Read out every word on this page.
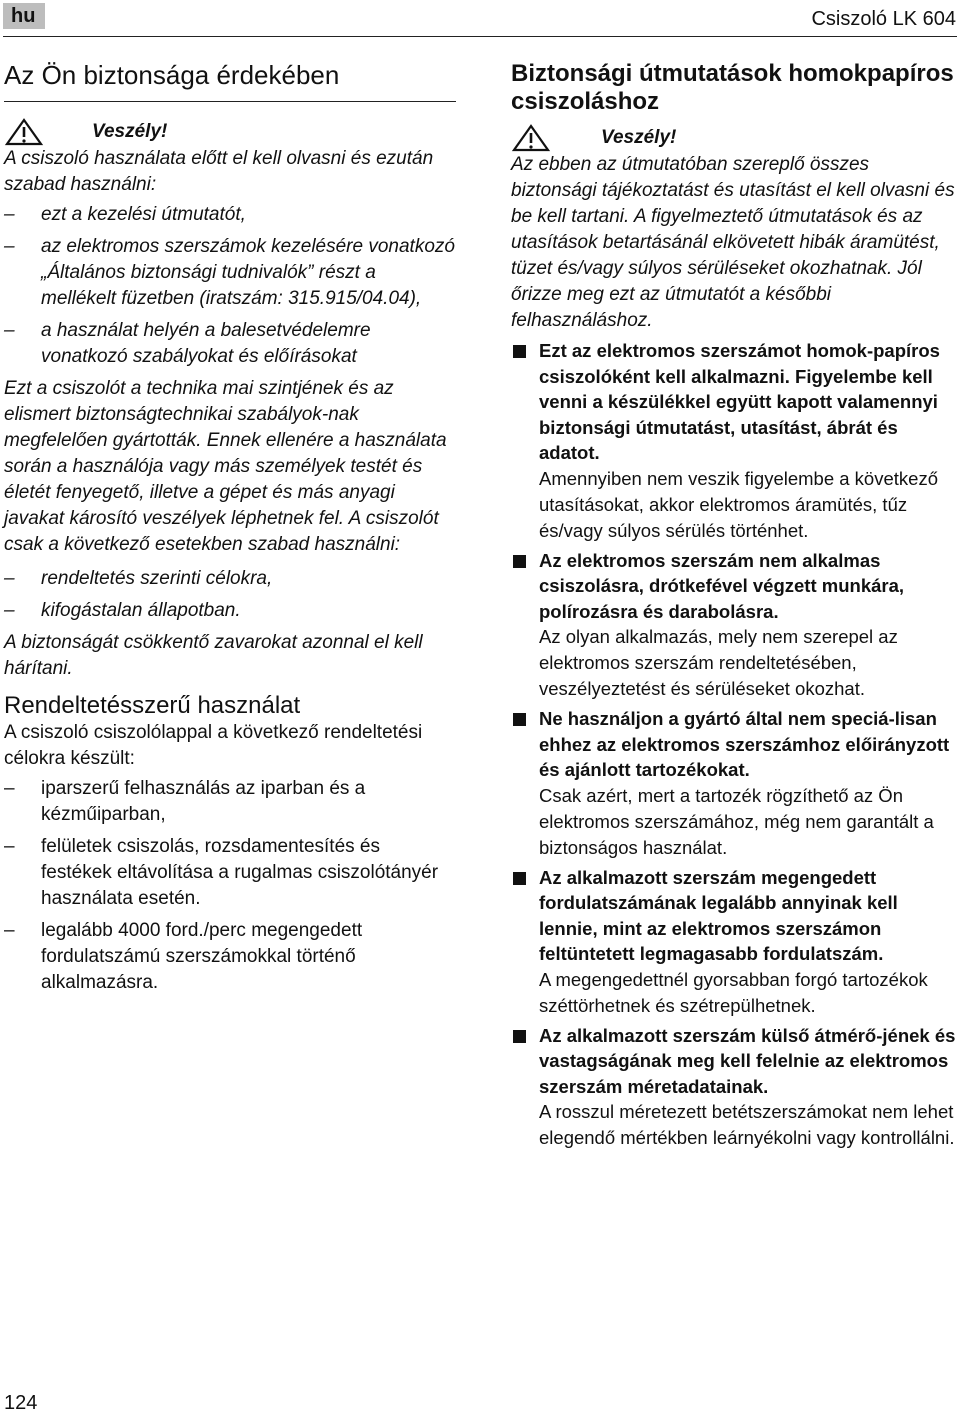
hu	Csiszoló LK 604
Az Ön biztonsága érdekében
Veszély!

A csiszoló használata előtt el kell olvasni és ezután szabad használni:

– ezt a kezelési útmutatót,
– az elektromos szerszámok kezelésére vonatkozó „Általános biztonsági tudnivalók” részt a mellékelt füzetben (iratszám: 315.915/04.04),
– a használat helyén a balesetvédelemre vonatkozó szabályokat és előírásokat

Ezt a csiszolót a technika mai szintjének és az elismert biztonságtechnikai szabályok-nak megfelelően gyártották. Ennek ellenére a használata során a használója vagy más személyek testét és életét fenyegető, illetve a gépet és más anyagi javakat károsító veszélyek léphetnek fel. A csiszolót csak a következő esetekben szabad használni:

– rendeltetés szerinti célokra,
– kifogástalan állapotban.

A biztonságát csökkentő zavarokat azonnal el kell hárítani.

Rendeltetésszerű használat

A csiszoló csiszolólappal a következő rendeltetési célokra készült:

– iparszerű felhasználás az iparban és a kézműiparban,
– felületek csiszolás, rozsdamentesítés és festékek eltávolítása a rugalmas csiszolótányér használata esetén.
– legalább 4000 ford./perc megengedett fordulatszámú szerszámokkal történő alkalmazásra.
Biztonsági útmutatások homokpapíros csiszoláshoz
Veszély!

Az ebben az útmutatóban szereplő összes biztonsági tájékoztatást és utasítást el kell olvasni és be kell tartani. A figyelmeztető útmutatások és az utasítások betartásánál elkövetett hibák áramütést, tüzet és/vagy súlyos sérüléseket okozhatnak. Jól őrizze meg ezt az útmutatót a későbbi felhasználáshoz.

Ezt az elektromos szerszámot homok-papíros csiszolóként kell alkalmazni. Figyelembe kell venni a készülékkel együtt kapott valamennyi biztonsági útmutatást, utasítást, ábrát és adatot.
Amennyiben nem veszik figyelembe a következő utasításokat, akkor elektromos áramütés, tűz és/vagy súlyos sérülés történhet.
Az elektromos szerszám nem alkalmas csiszolásra, drótkefével végzett munkára, polírozásra és darabolásra.
Az olyan alkalmazás, mely nem szerepel az elektromos szerszám rendeltetésében, veszélyeztetést és sérüléseket okozhat.
Ne használjon a gyártó által nem speciá-lisan ehhez az elektromos szerszámhoz előirányzott és ajánlott tartozékokat.
Csak azért, mert a tartozék rögzíthető az Ön elektromos szerszámához, még nem garantált a biztonságos használat.
Az alkalmazott szerszám megengedett fordulatszámának legalább annyinak kell lennie, mint az elektromos szerszámon feltüntetett legmagasabb fordulatszám.
A megengedettnél gyorsabban forgó tartozékok széttörhetnek és szétrepülhetnek.
Az alkalmazott szerszám külső átmérő-jének és vastagságának meg kell felelnie az elektromos szerszám méretadatainak.
A rosszul méretezett betétszerszámokat nem lehet elegendő mértékben leárnyékolni vagy kontrollálni.
124
